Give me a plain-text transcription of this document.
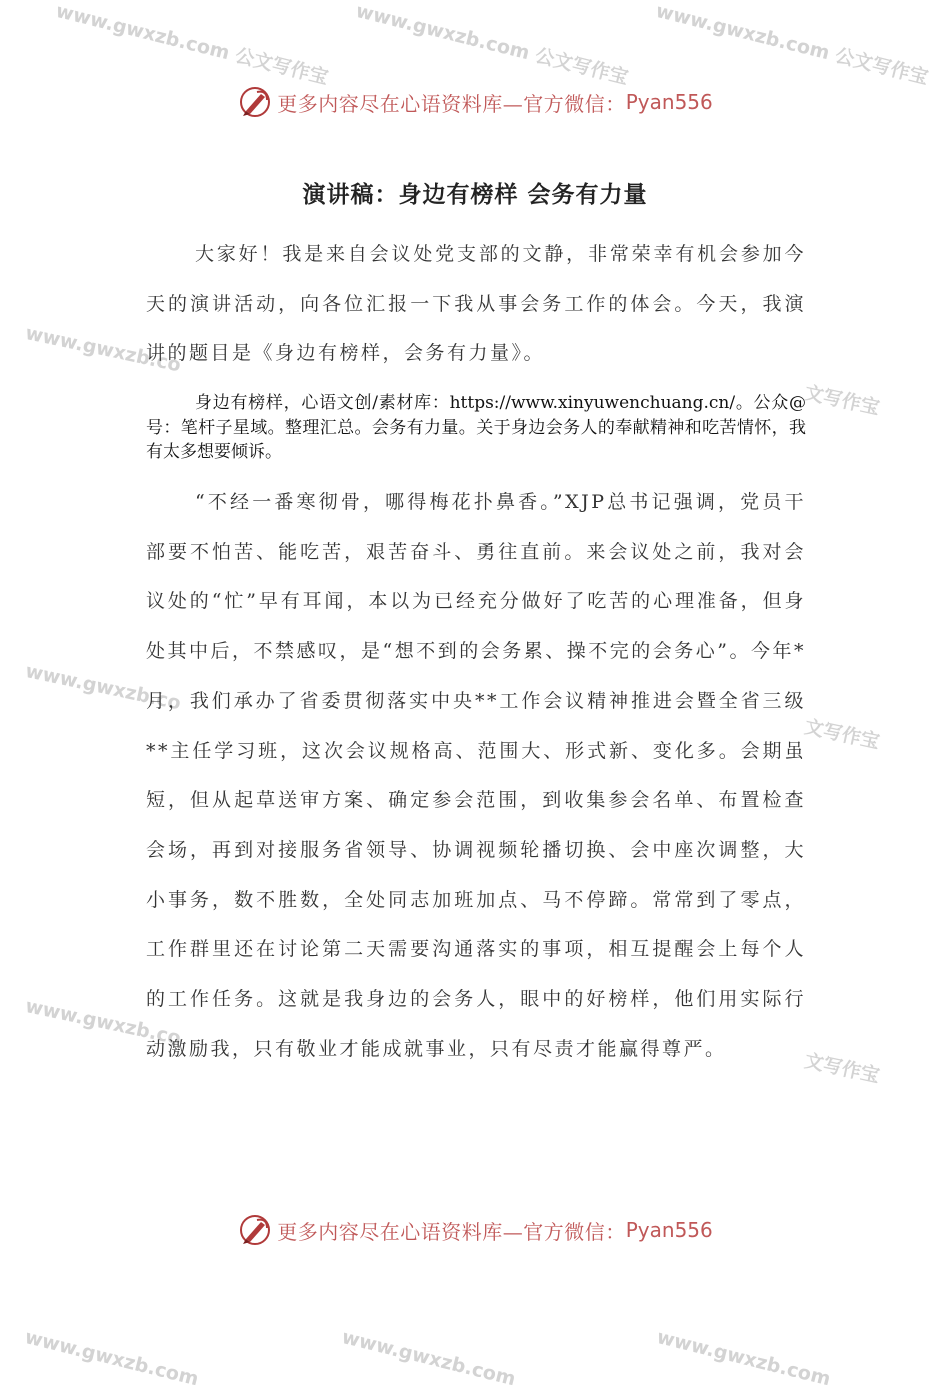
www.gwxzb.com 公文写作宝
www.gwxzb.com 公文写作宝
www.gwxzb.com 公文写作宝
www.gwxzb.co
www.gwxzb.co
www.gwxzb.co
文写作宝
文写作宝
文写作宝
更多内容尽在心语资料库—官方微信： Pyan556
演讲稿：身边有榜样 会务有力量

大家好！我是来自会议处党支部的文静，非常荣幸有机会参加今天的演讲活动，向各位汇报一下我从事会务工作的体会。今天，我演讲的题目是《身边有榜样，会务有力量》。

身边有榜样，心语文创/素材库：https://www.xinyuwenchuang.cn/。公众@号：笔杆子星域。整理汇总。会务有力量。关于身边会务人的奉献精神和吃苦情怀，我有太多想要倾诉。

“不经一番寒彻骨，哪得梅花扑鼻香。”XJP总书记强调，党员干部要不怕苦、能吃苦，艰苦奋斗、勇往直前。来会议处之前，我对会议处的“忙”早有耳闻，本以为已经充分做好了吃苦的心理准备，但身处其中后，不禁感叹，是“想不到的会务累、操不完的会务心”。今年*月，我们承办了省委贯彻落实中央**工作会议精神推进会暨全省三级**主任学习班，这次会议规格高、范围大、形式新、变化多。会期虽短，但从起草送审方案、确定参会范围，到收集参会名单、布置检查会场，再到对接服务省领导、协调视频轮播切换、会中座次调整，大小事务，数不胜数，全处同志加班加点、马不停蹄。常常到了零点，工作群里还在讨论第二天需要沟通落实的事项，相互提醒会上每个人的工作任务。这就是我身边的会务人，眼中的好榜样，他们用实际行动激励我，只有敬业才能成就事业，只有尽责才能赢得尊严。

更多内容尽在心语资料库—官方微信： Pyan556
www.gwxzb.com	www.gwxzb.com	www.gwxzb.com
